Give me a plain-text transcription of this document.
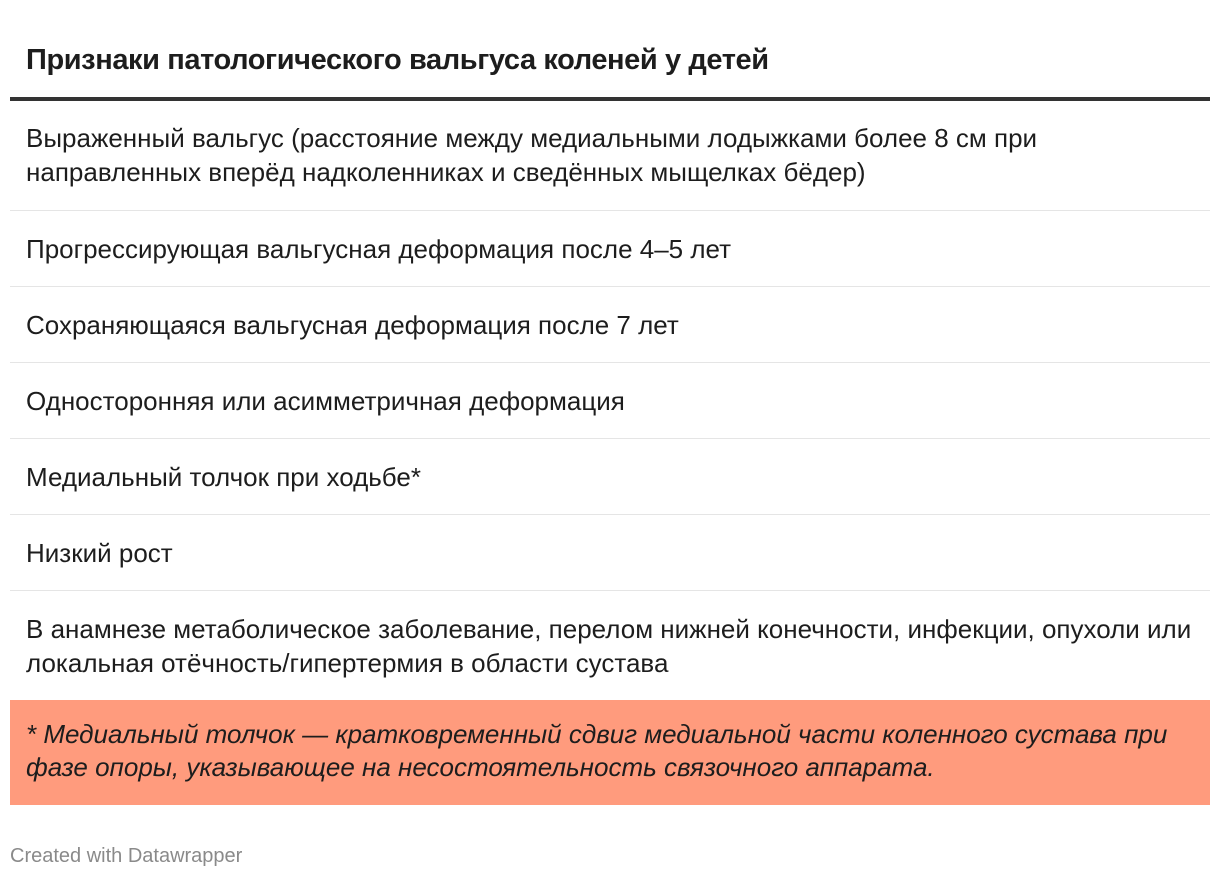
Признаки патологического вальгуса коленей у детей
Выраженный вальгус (расстояние между медиальными лодыжками более 8 см при направленных вперёд надколенниках и сведённых мыщелках бёдер)
Прогрессирующая вальгусная деформация после 4–5 лет
Сохраняющаяся вальгусная деформация после 7 лет
Односторонняя или асимметричная деформация
Медиальный толчок при ходьбе*
Низкий рост
В анамнезе метаболическое заболевание, перелом нижней конечности, инфекции, опухоли или локальная отёчность/гипертермия в области сустава
* Медиальный толчок — кратковременный сдвиг медиальной части коленного сустава при фазе опоры, указывающее на несостоятельность связочного аппарата.
Created with Datawrapper
